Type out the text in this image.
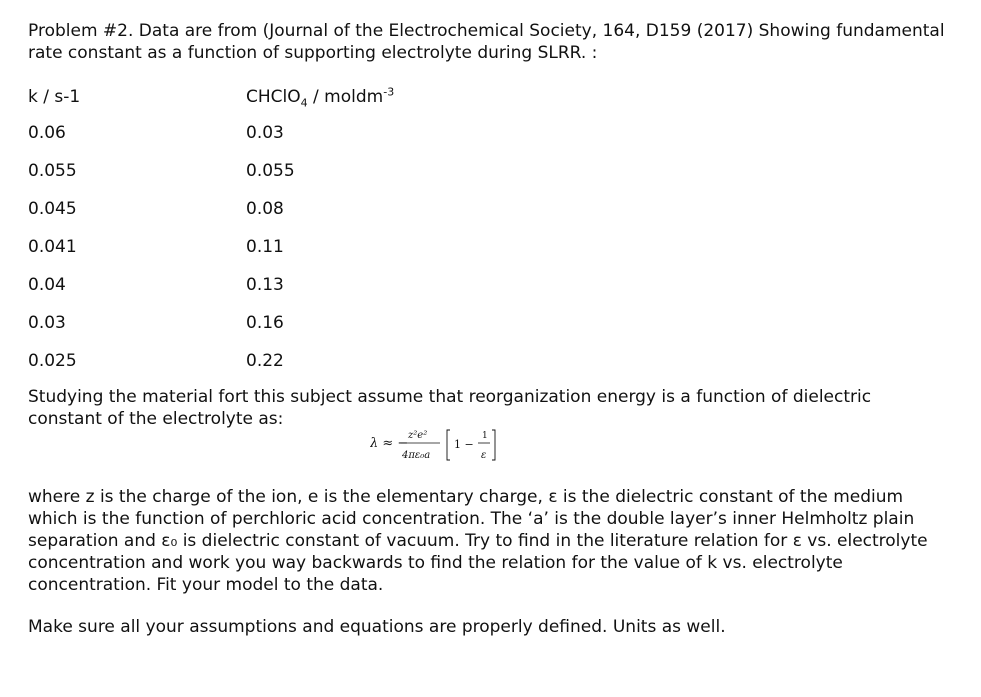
Problem #2. Data are from (Journal of the Electrochemical Society, 164, D159 (2017) Showing fundamental rate constant as a function of supporting electrolyte during SLRR. :

k / s-1	CHClO$_4$ / moldm$^{-3}$
0.06	0.03
0.055	0.055
0.045	0.08
0.041	0.11
0.04	0.13
0.03	0.16
0.025	0.22

Studying the material fort this subject assume that reorganization energy is a function of dielectric constant of the electrolyte as:

λ ≈ −
z²e²
4πε₀a
1 −
1
ε

where z is the charge of the ion, e is the elementary charge, ε is the dielectric constant of the medium which is the function of perchloric acid concentration. The ‘a’ is the double layer’s inner Helmholtz plain separation and ε₀ is dielectric constant of vacuum. Try to find in the literature relation for ε vs. electrolyte concentration and work you way backwards to find the relation for the value of k vs. electrolyte concentration. Fit your model to the data.

Make sure all your assumptions and equations are properly defined. Units as well.
